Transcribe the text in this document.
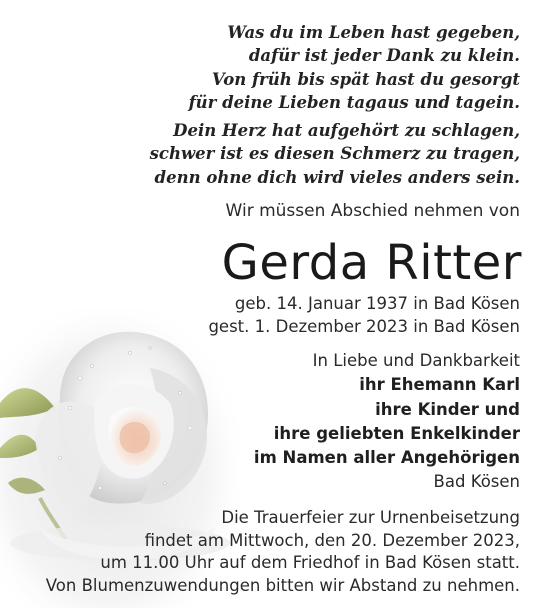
Was du im Leben hast gegeben,
dafür ist jeder Dank zu klein.
Von früh bis spät hast du gesorgt
für deine Lieben tagaus und tagein.
Dein Herz hat aufgehört zu schlagen,
schwer ist es diesen Schmerz zu tragen,
denn ohne dich wird vieles anders sein.
Wir müssen Abschied nehmen von
Gerda Ritter
geb. 14. Januar 1937 in Bad Kösen
gest. 1. Dezember 2023 in Bad Kösen
In Liebe und Dankbarkeit
ihr Ehemann Karl
ihre Kinder und
ihre geliebten Enkelkinder
im Namen aller Angehörigen
Bad Kösen
Die Trauerfeier zur Urnenbeisetzung
findet am Mittwoch, den 20. Dezember 2023,
um 11.00 Uhr auf dem Friedhof in Bad Kösen statt.
Von Blumenzuwendungen bitten wir Abstand zu nehmen.
